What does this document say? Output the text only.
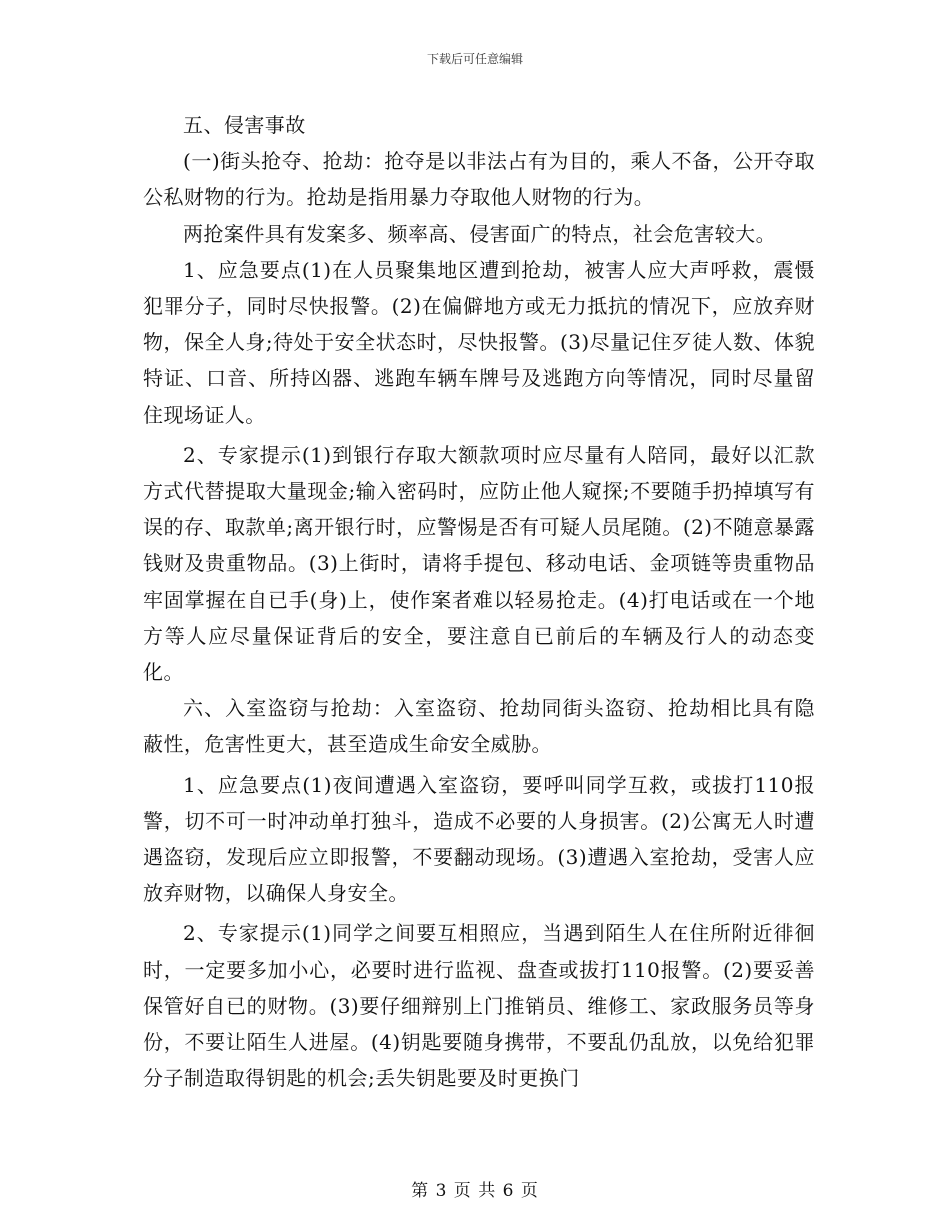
下载后可任意编辑

五、侵害事故

(一)街头抢夺、抢劫：抢夺是以非法占有为目的，乘人不备，公开夺取公私财物的行为。抢劫是指用暴力夺取他人财物的行为。

两抢案件具有发案多、频率高、侵害面广的特点，社会危害较大。

1、应急要点(1)在人员聚集地区遭到抢劫，被害人应大声呼救，震慑犯罪分子，同时尽快报警。(2)在偏僻地方或无力抵抗的情况下，应放弃财物，保全人身;待处于安全状态时，尽快报警。(3)尽量记住歹徒人数、体貌特证、口音、所持凶器、逃跑车辆车牌号及逃跑方向等情况，同时尽量留住现场证人。

2、专家提示(1)到银行存取大额款项时应尽量有人陪同，最好以汇款方式代替提取大量现金;输入密码时，应防止他人窥探;不要随手扔掉填写有误的存、取款单;离开银行时，应警惕是否有可疑人员尾随。(2)不随意暴露钱财及贵重物品。(3)上街时，请将手提包、移动电话、金项链等贵重物品牢固掌握在自已手(身)上，使作案者难以轻易抢走。(4)打电话或在一个地方等人应尽量保证背后的安全，要注意自已前后的车辆及行人的动态变化。

六、入室盗窃与抢劫：入室盗窃、抢劫同街头盗窃、抢劫相比具有隐蔽性，危害性更大，甚至造成生命安全威胁。

1、应急要点(1)夜间遭遇入室盗窃，要呼叫同学互救，或拔打110报警，切不可一时冲动单打独斗，造成不必要的人身损害。(2)公寓无人时遭遇盗窃，发现后应立即报警，不要翻动现场。(3)遭遇入室抢劫，受害人应放弃财物，以确保人身安全。

2、专家提示(1)同学之间要互相照应，当遇到陌生人在住所附近徘徊时，一定要多加小心，必要时进行监视、盘查或拔打110报警。(2)要妥善保管好自已的财物。(3)要仔细辩别上门推销员、维修工、家政服务员等身份，不要让陌生人进屋。(4)钥匙要随身携带，不要乱仍乱放，以免给犯罪分子制造取得钥匙的机会;丢失钥匙要及时更换门

第 3 页 共 6 页
